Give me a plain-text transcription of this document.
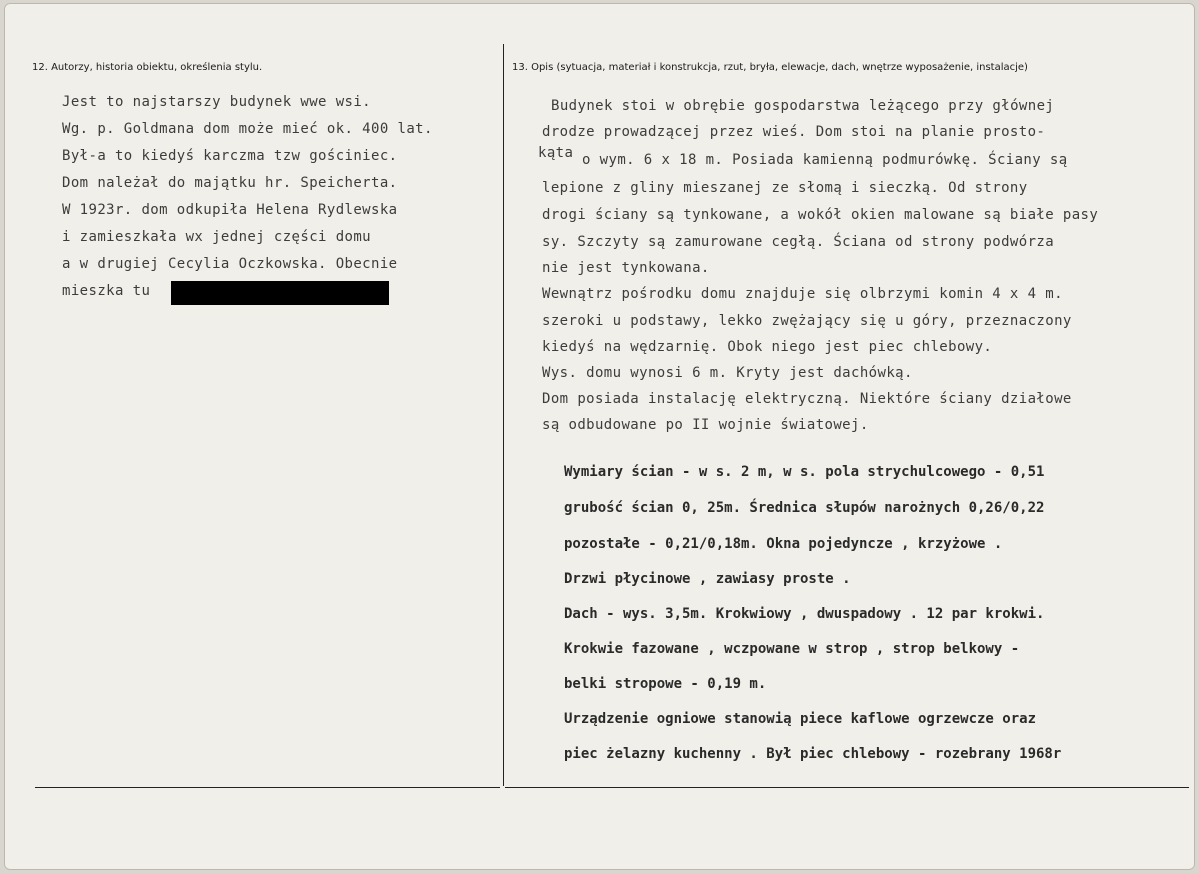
12. Autorzy, historia obiektu, określenia stylu.	13. Opis (sytuacja, materiał i konstrukcja, rzut, bryła, elewacje, dach, wnętrze wyposażenie, instalacje)
Jest to najstarszy budynek wwe wsi.
Wg. p. Goldmana dom może mieć ok. 400 lat.
Był-a to kiedyś karczma tzw gościniec.
Dom należał do majątku hr. Speicherta.
W 1923r. dom odkupiła Helena Rydlewska
i zamieszkała wx jednej części domu
a w drugiej Cecylia Oczkowska. Obecnie
mieszka tu
Budynek stoi w obrębie gospodarstwa leżącego przy głównej
drodze prowadzącej przez wieś. Dom stoi na planie prosto-
kąta o wym. 6 x 18 m. Posiada kamienną podmurówkę. Ściany są
lepione z gliny mieszanej ze słomą i sieczką. Od strony
drogi ściany są tynkowane, a wokół okien malowane są białe pasy
sy. Szczyty są zamurowane cegłą. Ściana od strony podwórza
nie jest tynkowana.
Wewnątrz pośrodku domu znajduje się olbrzymi komin 4 x 4 m.
szeroki u podstawy, lekko zwężający się u góry, przeznaczony
kiedyś na wędzarnię. Obok niego jest piec chlebowy.
Wys. domu wynosi 6 m. Kryty jest dachówką.
Dom posiada instalację elektryczną. Niektóre ściany działowe
są odbudowane po II wojnie światowej.
Wymiary ścian - w s. 2 m, w s. pola strychulcowego - 0,51
grubość ścian 0, 25m. Średnica słupów narożnych 0,26/0,22
pozostałe - 0,21/0,18m. Okna pojedyncze , krzyżowe .
Drzwi płycinowe , zawiasy proste .
Dach - wys. 3,5m. Krokwiowy , dwuspadowy . 12 par krokwi.
Krokwie fazowane , wczpowane w strop , strop belkowy -
belki stropowe - 0,19 m.
Urządzenie ogniowe stanowią piece kaflowe ogrzewcze oraz
piec żelazny kuchenny . Był piec chlebowy - rozebrany 1968r
